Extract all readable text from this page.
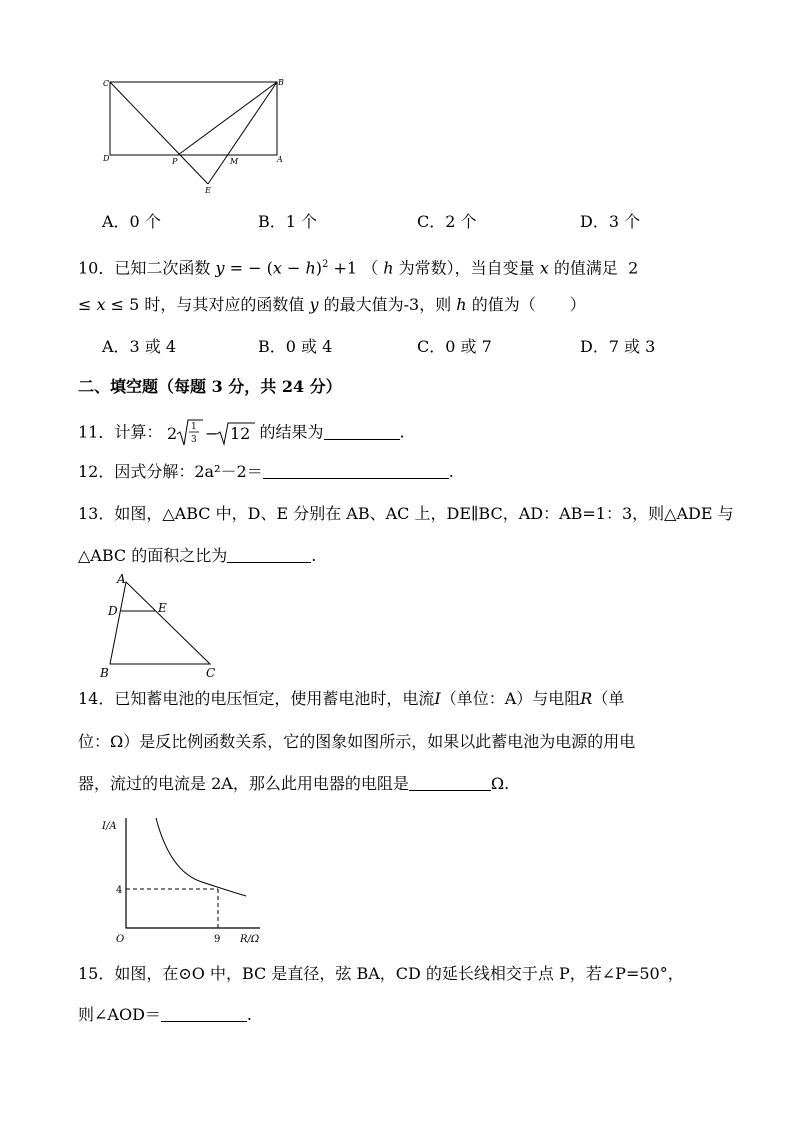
C	B
D	P	M	A
E
A．0 个	B．1 个	C．2 个	D．3 个
10．已知二次函数 y = − $(x - h)^2 +1$ （ h 为常数），当自变量 x 的值满足  2
≤ x ≤ 5 时，与其对应的函数值 y 的最大值为-3，则 h 的值为（ ）
A．3 或 4	B．0 或 4	C．0 或 7	D．7 或 3
二、填空题（每题 3 分，共 24 分）
11．计算： 2 1
3 − 12 的结果为	.
12．因式分解：2a²－2＝	.
13．如图，△ABC 中，D、E 分别在 AB、AC 上，DE∥BC，AD：AB=1：3，则△ADE 与
△ABC 的面积之比为	.
A
D	E
B	C
14．已知蓄电池的电压恒定，使用蓄电池时，电流I（单位：A）与电阻R（单
位：Ω）是反比例函数关系，它的图象如图所示，如果以此蓄电池为电源的用电
器，流过的电流是 2A，那么此用电器的电阻是	Ω.
I/A
R/Ω
O
4
9
15．如图，在⊙O 中，BC 是直径，弦 BA，CD 的延长线相交于点 P，若∠P=50°，
则∠AOD＝	.
